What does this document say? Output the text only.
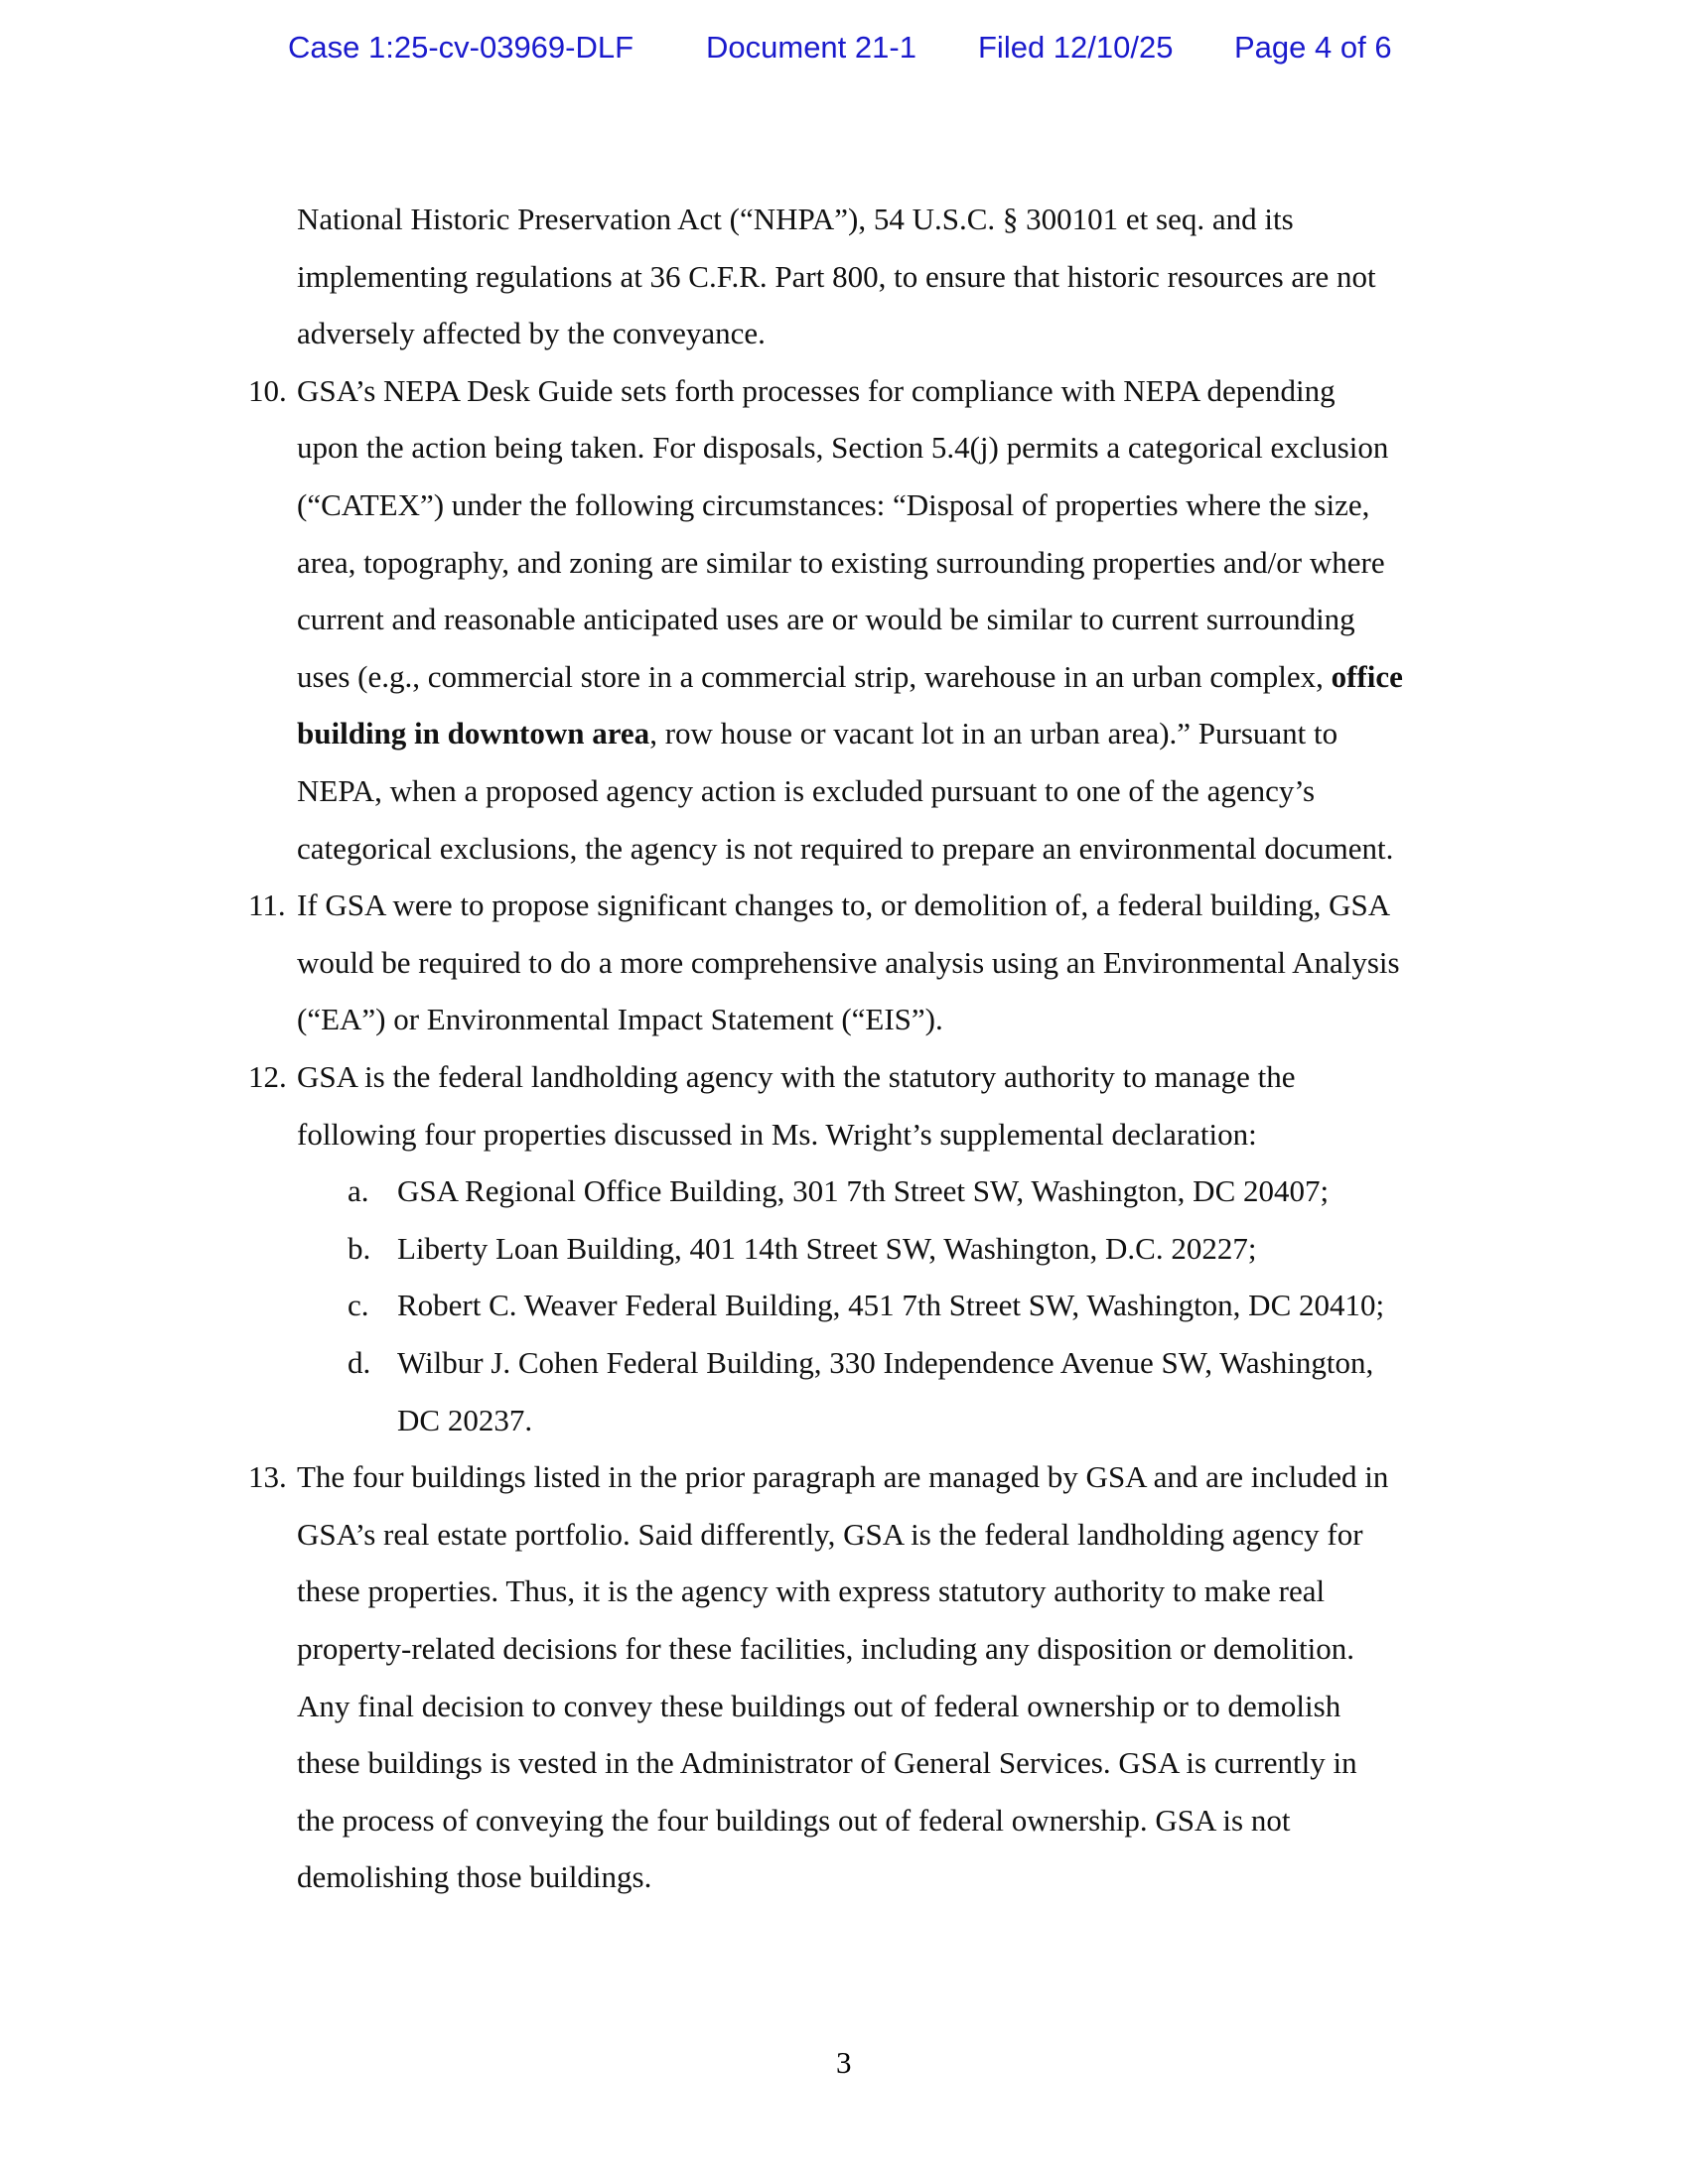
Case 1:25-cv-03969-DLF Document 21-1 Filed 12/10/25 Page 4 of 6
National Historic Preservation Act (“NHPA”), 54 U.S.C. § 300101 et seq. and its
implementing regulations at 36 C.F.R. Part 800, to ensure that historic resources are not
adversely affected by the conveyance.
10. GSA’s NEPA Desk Guide sets forth processes for compliance with NEPA depending
upon the action being taken. For disposals, Section 5.4(j) permits a categorical exclusion
(“CATEX”) under the following circumstances: “Disposal of properties where the size,
area, topography, and zoning are similar to existing surrounding properties and/or where
current and reasonable anticipated uses are or would be similar to current surrounding
uses (e.g., commercial store in a commercial strip, warehouse in an urban complex, office
building in downtown area, row house or vacant lot in an urban area).” Pursuant to
NEPA, when a proposed agency action is excluded pursuant to one of the agency’s
categorical exclusions, the agency is not required to prepare an environmental document.
11. If GSA were to propose significant changes to, or demolition of, a federal building, GSA
would be required to do a more comprehensive analysis using an Environmental Analysis
(“EA”) or Environmental Impact Statement (“EIS”).
12. GSA is the federal landholding agency with the statutory authority to manage the
following four properties discussed in Ms. Wright’s supplemental declaration:
a. GSA Regional Office Building, 301 7th Street SW, Washington, DC 20407;
b. Liberty Loan Building, 401 14th Street SW, Washington, D.C. 20227;
c. Robert C. Weaver Federal Building, 451 7th Street SW, Washington, DC 20410;
d. Wilbur J. Cohen Federal Building, 330 Independence Avenue SW, Washington,
DC 20237.
13. The four buildings listed in the prior paragraph are managed by GSA and are included in
GSA’s real estate portfolio. Said differently, GSA is the federal landholding agency for
these properties. Thus, it is the agency with express statutory authority to make real
property-related decisions for these facilities, including any disposition or demolition.
Any final decision to convey these buildings out of federal ownership or to demolish
these buildings is vested in the Administrator of General Services. GSA is currently in
the process of conveying the four buildings out of federal ownership. GSA is not
demolishing those buildings.
3
